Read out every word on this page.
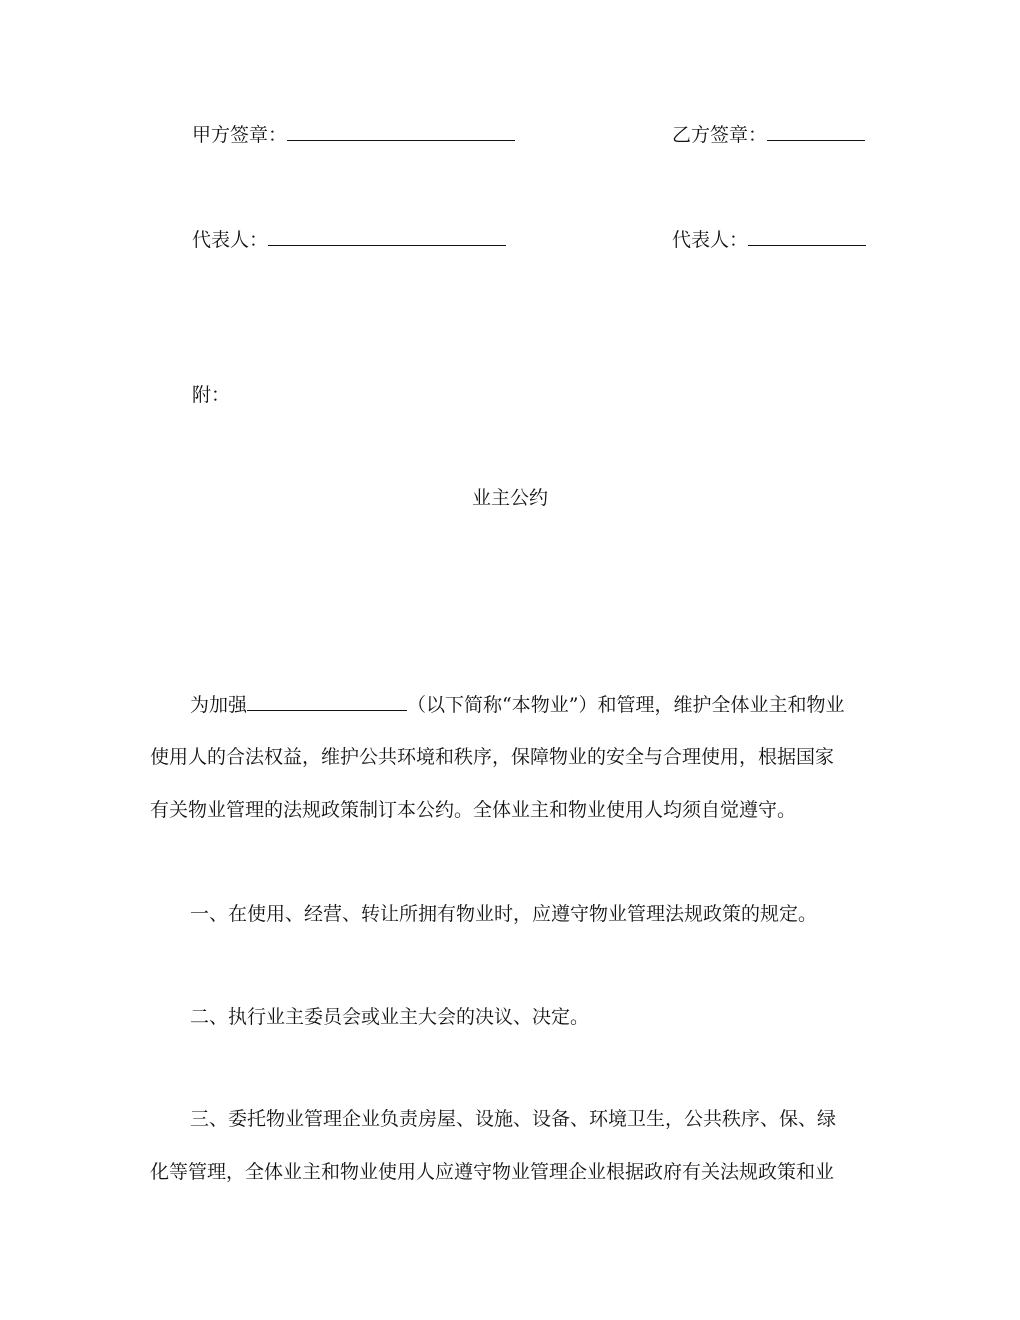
甲方签章：	乙方签章：
代表人：	代表人：
附：
业主公约
为加强	（以下简称“本物业”）和管理，维护全体业主和物业
使用人的合法权益，维护公共环境和秩序，保障物业的安全与合理使用，根据国家
有关物业管理的法规政策制订本公约。全体业主和物业使用人均须自觉遵守。
一、在使用、经营、转让所拥有物业时，应遵守物业管理法规政策的规定。
二、执行业主委员会或业主大会的决议、决定。
三、委托物业管理企业负责房屋、设施、设备、环境卫生，公共秩序、保、绿
化等管理，全体业主和物业使用人应遵守物业管理企业根据政府有关法规政策和业
